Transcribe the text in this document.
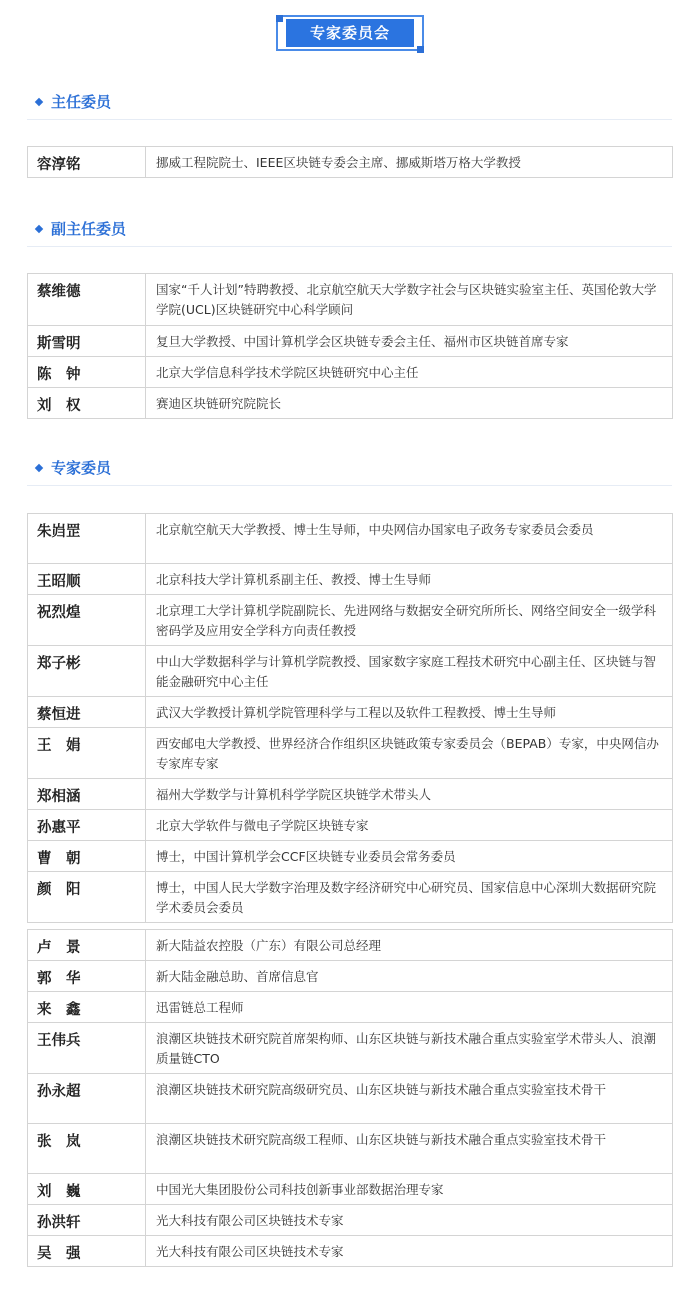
专家委员会
主任委员
容淳铭	挪威工程院院士、IEEE区块链专委会主席、挪威斯塔万格大学教授
副主任委员
蔡维德	国家“千人计划”特聘教授、北京航空航天大学数字社会与区块链实验室主任、英国伦敦大学学院(UCL)区块链研究中心科学顾问
斯雪明	复旦大学教授、中国计算机学会区块链专委会主任、福州市区块链首席专家
陈　钟	北京大学信息科学技术学院区块链研究中心主任
刘　权	赛迪区块链研究院院长
专家委员
朱岿罡	北京航空航天大学教授、博士生导师，中央网信办国家电子政务专家委员会委员
王昭顺	北京科技大学计算机系副主任、教授、博士生导师
祝烈煌	北京理工大学计算机学院副院长、先进网络与数据安全研究所所长、网络空间安全一级学科密码学及应用安全学科方向责任教授
郑子彬	中山大学数据科学与计算机学院教授、国家数字家庭工程技术研究中心副主任、区块链与智能金融研究中心主任
蔡恒进	武汉大学教授计算机学院管理科学与工程以及软件工程教授、博士生导师
王　娟	西安邮电大学教授、世界经济合作组织区块链政策专家委员会（BEPAB）专家，中央网信办专家库专家
郑相涵	福州大学数学与计算机科学学院区块链学术带头人
孙惠平	北京大学软件与微电子学院区块链专家
曹　朝	博士，中国计算机学会CCF区块链专业委员会常务委员
颜　阳	博士，中国人民大学数字治理及数字经济研究中心研究员、国家信息中心深圳大数据研究院学术委员会委员
卢　景	新大陆益农控股（广东）有限公司总经理
郭　华	新大陆金融总助、首席信息官
来　鑫	迅雷链总工程师
王伟兵	浪潮区块链技术研究院首席架构师、山东区块链与新技术融合重点实验室学术带头人、浪潮质量链CTO
孙永超	浪潮区块链技术研究院高级研究员、山东区块链与新技术融合重点实验室技术骨干
张　岚	浪潮区块链技术研究院高级工程师、山东区块链与新技术融合重点实验室技术骨干
刘　巍	中国光大集团股份公司科技创新事业部数据治理专家
孙洪轩	光大科技有限公司区块链技术专家
吴　强	光大科技有限公司区块链技术专家
